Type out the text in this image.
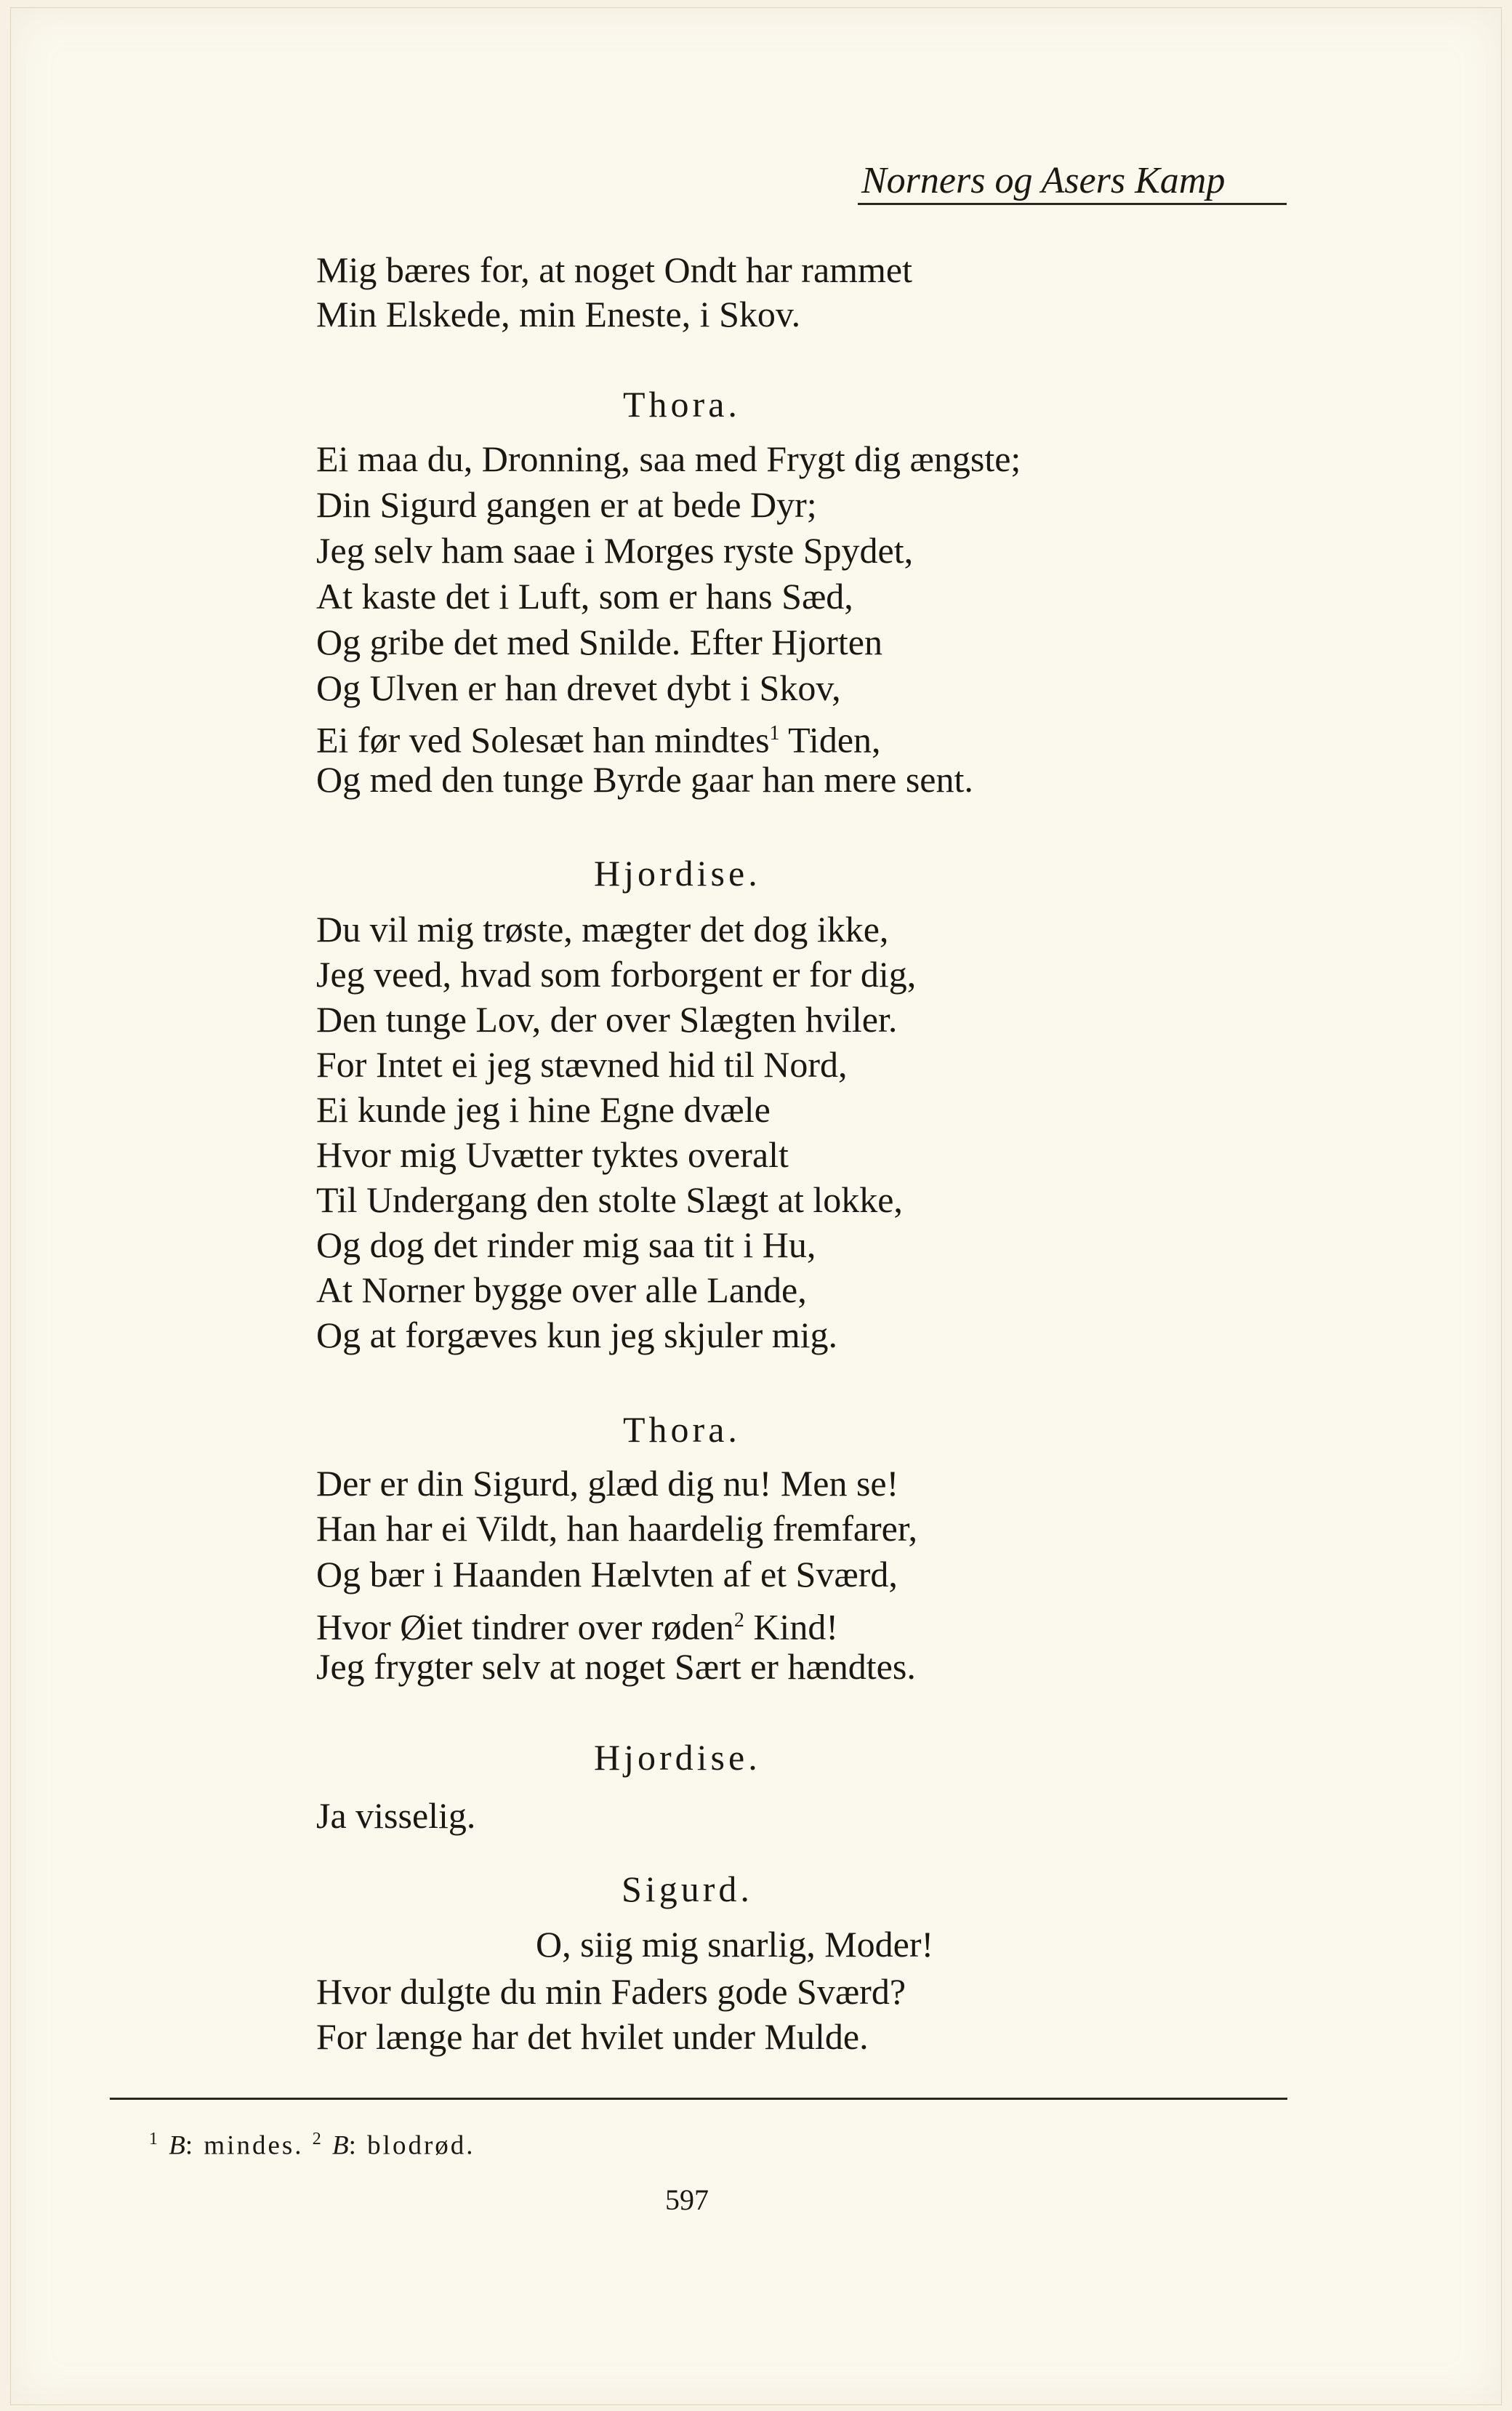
Norners og Asers Kamp
Mig bæres for, at noget Ondt har rammet
Min Elskede, min Eneste, i Skov.
Thora.
Ei maa du, Dronning, saa med Frygt dig ængste;
Din Sigurd gangen er at bede Dyr;
Jeg selv ham saae i Morges ryste Spydet,
At kaste det i Luft, som er hans Sæd,
Og gribe det med Snilde. Efter Hjorten
Og Ulven er han drevet dybt i Skov,
Ei før ved Solesæt han mindtes$^1$ Tiden,
Og med den tunge Byrde gaar han mere sent.
Hjordise.
Du vil mig trøste, mægter det dog ikke,
Jeg veed, hvad som forborgent er for dig,
Den tunge Lov, der over Slægten hviler.
For Intet ei jeg stævned hid til Nord,
Ei kunde jeg i hine Egne dvæle
Hvor mig Uvætter tyktes overalt
Til Undergang den stolte Slægt at lokke,
Og dog det rinder mig saa tit i Hu,
At Norner bygge over alle Lande,
Og at forgæves kun jeg skjuler mig.
Thora.
Der er din Sigurd, glæd dig nu! Men se!
Han har ei Vildt, han haardelig fremfarer,
Og bær i Haanden Hælvten af et Sværd,
Hvor Øiet tindrer over røden$^2$ Kind!
Jeg frygter selv at noget Sært er hændtes.
Hjordise.
Ja visselig.
Sigurd.
O, siig mig snarlig, Moder!
Hvor dulgte du min Faders gode Sværd?
For længe har det hvilet under Mulde.
$^1$ B: mindes. $^2$ B: blodrød.
597
